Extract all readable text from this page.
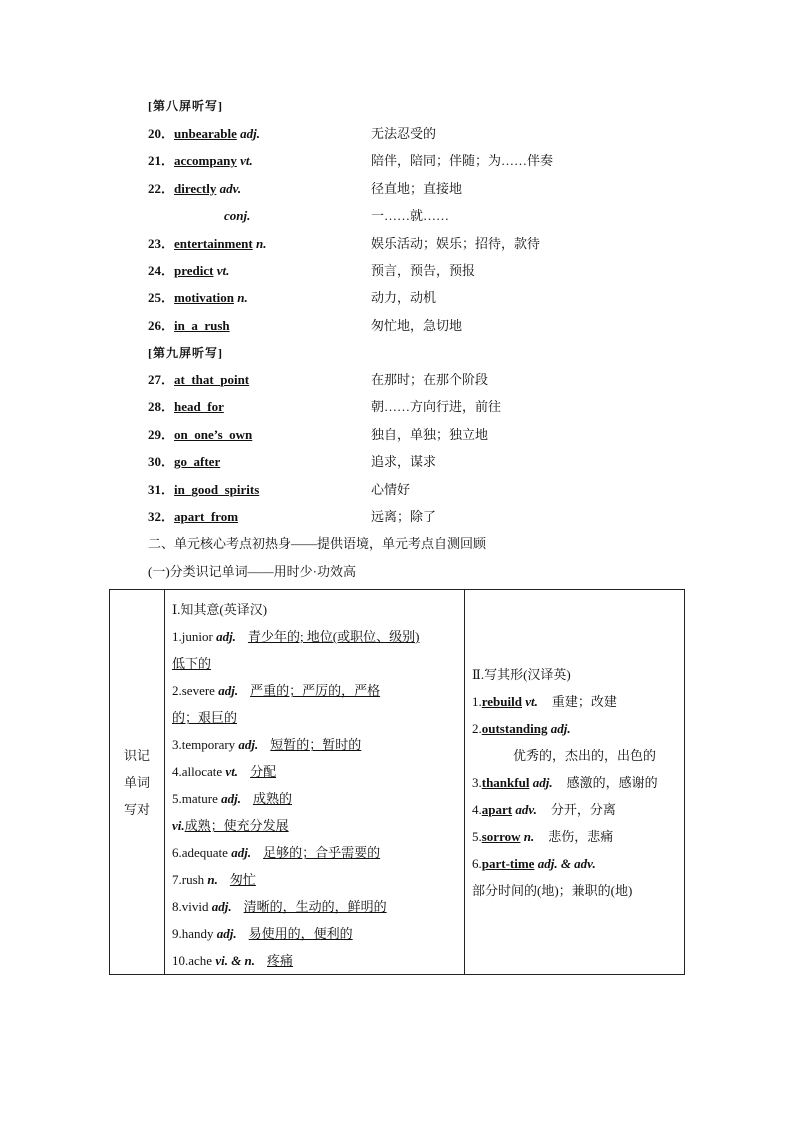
[第八屏听写]
20．unbearable adj.	无法忍受的
21．accompany vt.	陪伴，陪同；伴随；为……伴奏
22．directly adv.	径直地；直接地
conj.	一……就……
23．entertainment n.	娱乐活动；娱乐；招待，款待
24．predict vt.	预言，预告，预报
25．motivation n.	动力，动机
26．in_a_rush	匆忙地，急切地
[第九屏听写]
27．at_that_point	在那时；在那个阶段
28．head_for	朝……方向行进，前往
29．on_one’s_own	独自，单独；独立地
30．go_after	追求，谋求
31．in_good_spirits	心情好
32．apart_from	远离；除了
二、单元核心考点初热身——提供语境，单元考点自测回顾
(一)分类识记单词——用时少·功效高
识记
单词
写对

Ⅰ.知其意(英译汉)
1.junior adj. 青少年的; 地位(或职位、级别)
低下的
2.severe adj. 严重的；严厉的，严格
的；艰巨的
3.temporary adj. 短暂的；暂时的
4.allocate vt. 分配
5.mature adj. 成熟的
vi.成熟；使充分发展
6.adequate adj. 足够的；合乎需要的
7.rush n. 匆忙
8.vivid adj. 清晰的，生动的，鲜明的
9.handy adj. 易使用的，便利的
10.ache vi. & n. 疼痛

Ⅱ.写其形(汉译英)
1.rebuild vt. 重建；改建
2.outstanding adj.
优秀的，杰出的，出色的
3.thankful adj. 感激的，感谢的
4.apart adv. 分开，分离
5.sorrow n. 悲伤，悲痛
6.part-time adj. & adv.
部分时间的(地)；兼职的(地)
